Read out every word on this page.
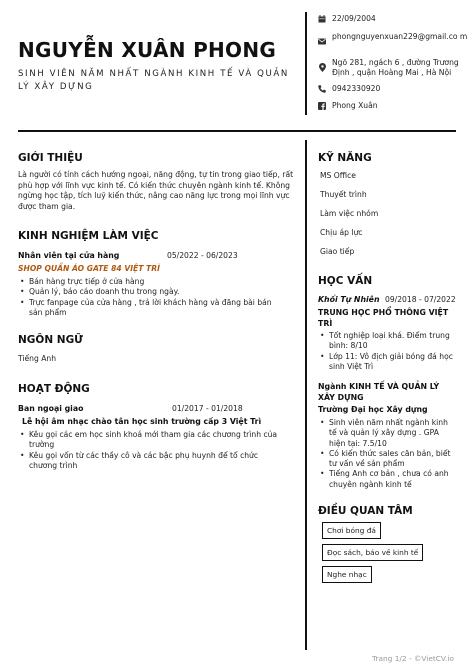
NGUYỄN XUÂN PHONG
SINH VIÊN NĂM NHẤT NGÀNH KINH TẾ VÀ QUẢN LÝ XÂY DỰNG
22/09/2004
phongnguyenxuan229@gmail.co m
Ngõ 281, ngách 6 , đường Trương Định , quận Hoàng Mai , Hà Nội
0942330920
Phong Xuân
GIỚI THIỆU
Là người có tính cách hướng ngoại, năng động, tự tin trong giao tiếp, rất phù hợp với lĩnh vực kinh tế. Có kiến thức chuyên ngành kinh tế. Không ngừng học tập, tích luỹ kiến thức, nâng cao năng lực trong mọi lĩnh vực được tham gia.
KINH NGHIỆM LÀM VIỆC
Nhân viên tại cửa hàng	05/2022 - 06/2023
SHOP QUẦN ÁO GATE 84 VIỆT TRÌ
• Bán hàng trực tiếp ở cửa hàng
• Quản lý, báo cáo doanh thu trong ngày.
• Trực fanpage của cửa hàng , trả lời khách hàng và đăng bài bán sản phẩm
NGÔN NGỮ
Tiếng Anh
HOẠT ĐỘNG
Ban ngoại giao	01/2017 - 01/2018
Lễ hội âm nhạc chào tân học sinh trường cấp 3 Việt Trì
• Kêu gọi các em học sinh khoá mới tham gia các chương trình của trường
• Kêu gọi vốn từ các thầy cô và các bậc phụ huynh để tổ chức chương trình
KỸ NĂNG
MS Office
Thuyết trình
Làm việc nhóm
Chịu áp lực
Giao tiếp
HỌC VẤN
Khối Tự Nhiên 09/2018 - 07/2022
TRUNG HỌC PHỔ THÔNG VIỆT TRÌ
• Tốt nghiệp loại khá. Điểm trung bình: 8/10
• Lớp 11: Vô địch giải bóng đá học sinh Việt Trì
Ngành KINH TẾ VÀ QUẢN LÝ XÂY DỰNG
Trường Đại học Xây dựng
• Sinh viên năm nhất ngành kinh tế và quản lý xây dựng . GPA hiện tại: 7.5/10
• Có kiến thức sales căn bản, biết tư vấn về sản phẩm
• Tiếng Anh cơ bản , chưa có anh chuyên ngành kinh tế
ĐIỀU QUAN TÂM
Chơi bóng đá
Đọc sách, báo về kinh tế
Nghe nhạc
Trang 1/2 - ©VietCV.io
